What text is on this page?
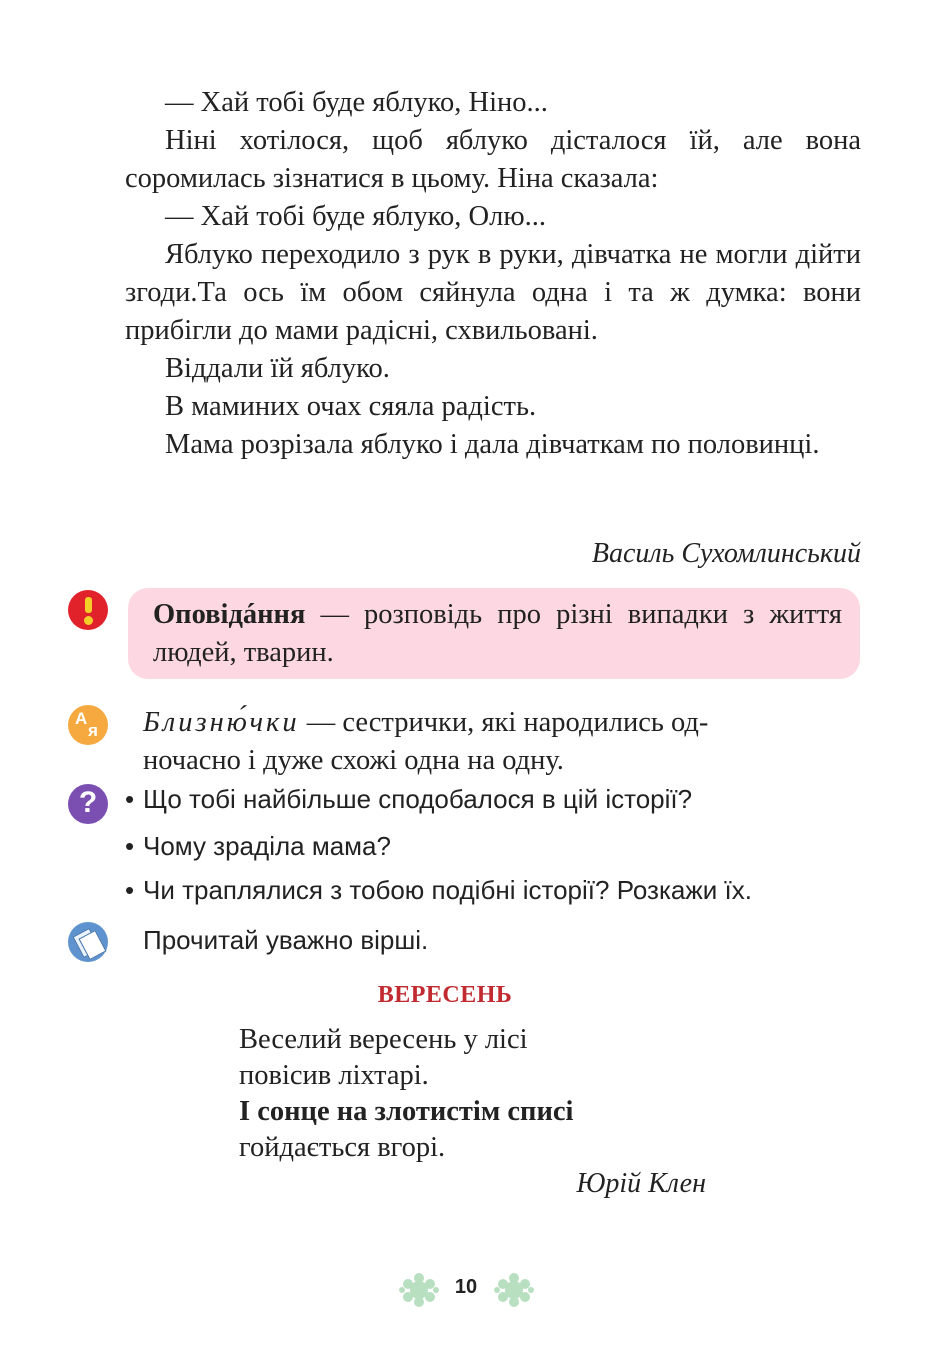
— Хай тобі буде яблуко, Ніно...

Ніні хотілося, щоб яблуко дісталося їй, але вона соромилась зізнатися в цьому. Ніна сказала:

— Хай тобі буде яблуко, Олю...

Яблуко переходило з рук в руки, дівчатка не могли дійти згоди.Та ось їм обом сяйнула одна і та ж думка: вони прибігли до мами радісні, схвильовані.

Віддали їй яблуко.

В маминих очах сяяла радість.

Мама розрізала яблуко і дала дівчаткам по половинці.

Василь Сухомлинський
Оповідáння — розповідь про різні випадки з життя людей, тварин.
А
я Близню́чки — сестрички, які народились од-
ночасно і дуже схожі одна на одну.
?
•	Що тобі найбільше сподобалося в цій історії?
• Чому зраділа мама?
• Чи траплялися з тобою подібні історії? Розкажи їх.
Прочитай уважно вірші.
ВЕРЕСЕНЬ
Веселий вересень у лісі
повісив ліхтарі.
І сонце на злотистім списі
гойдається вгорі.
Юрій Клен
10
